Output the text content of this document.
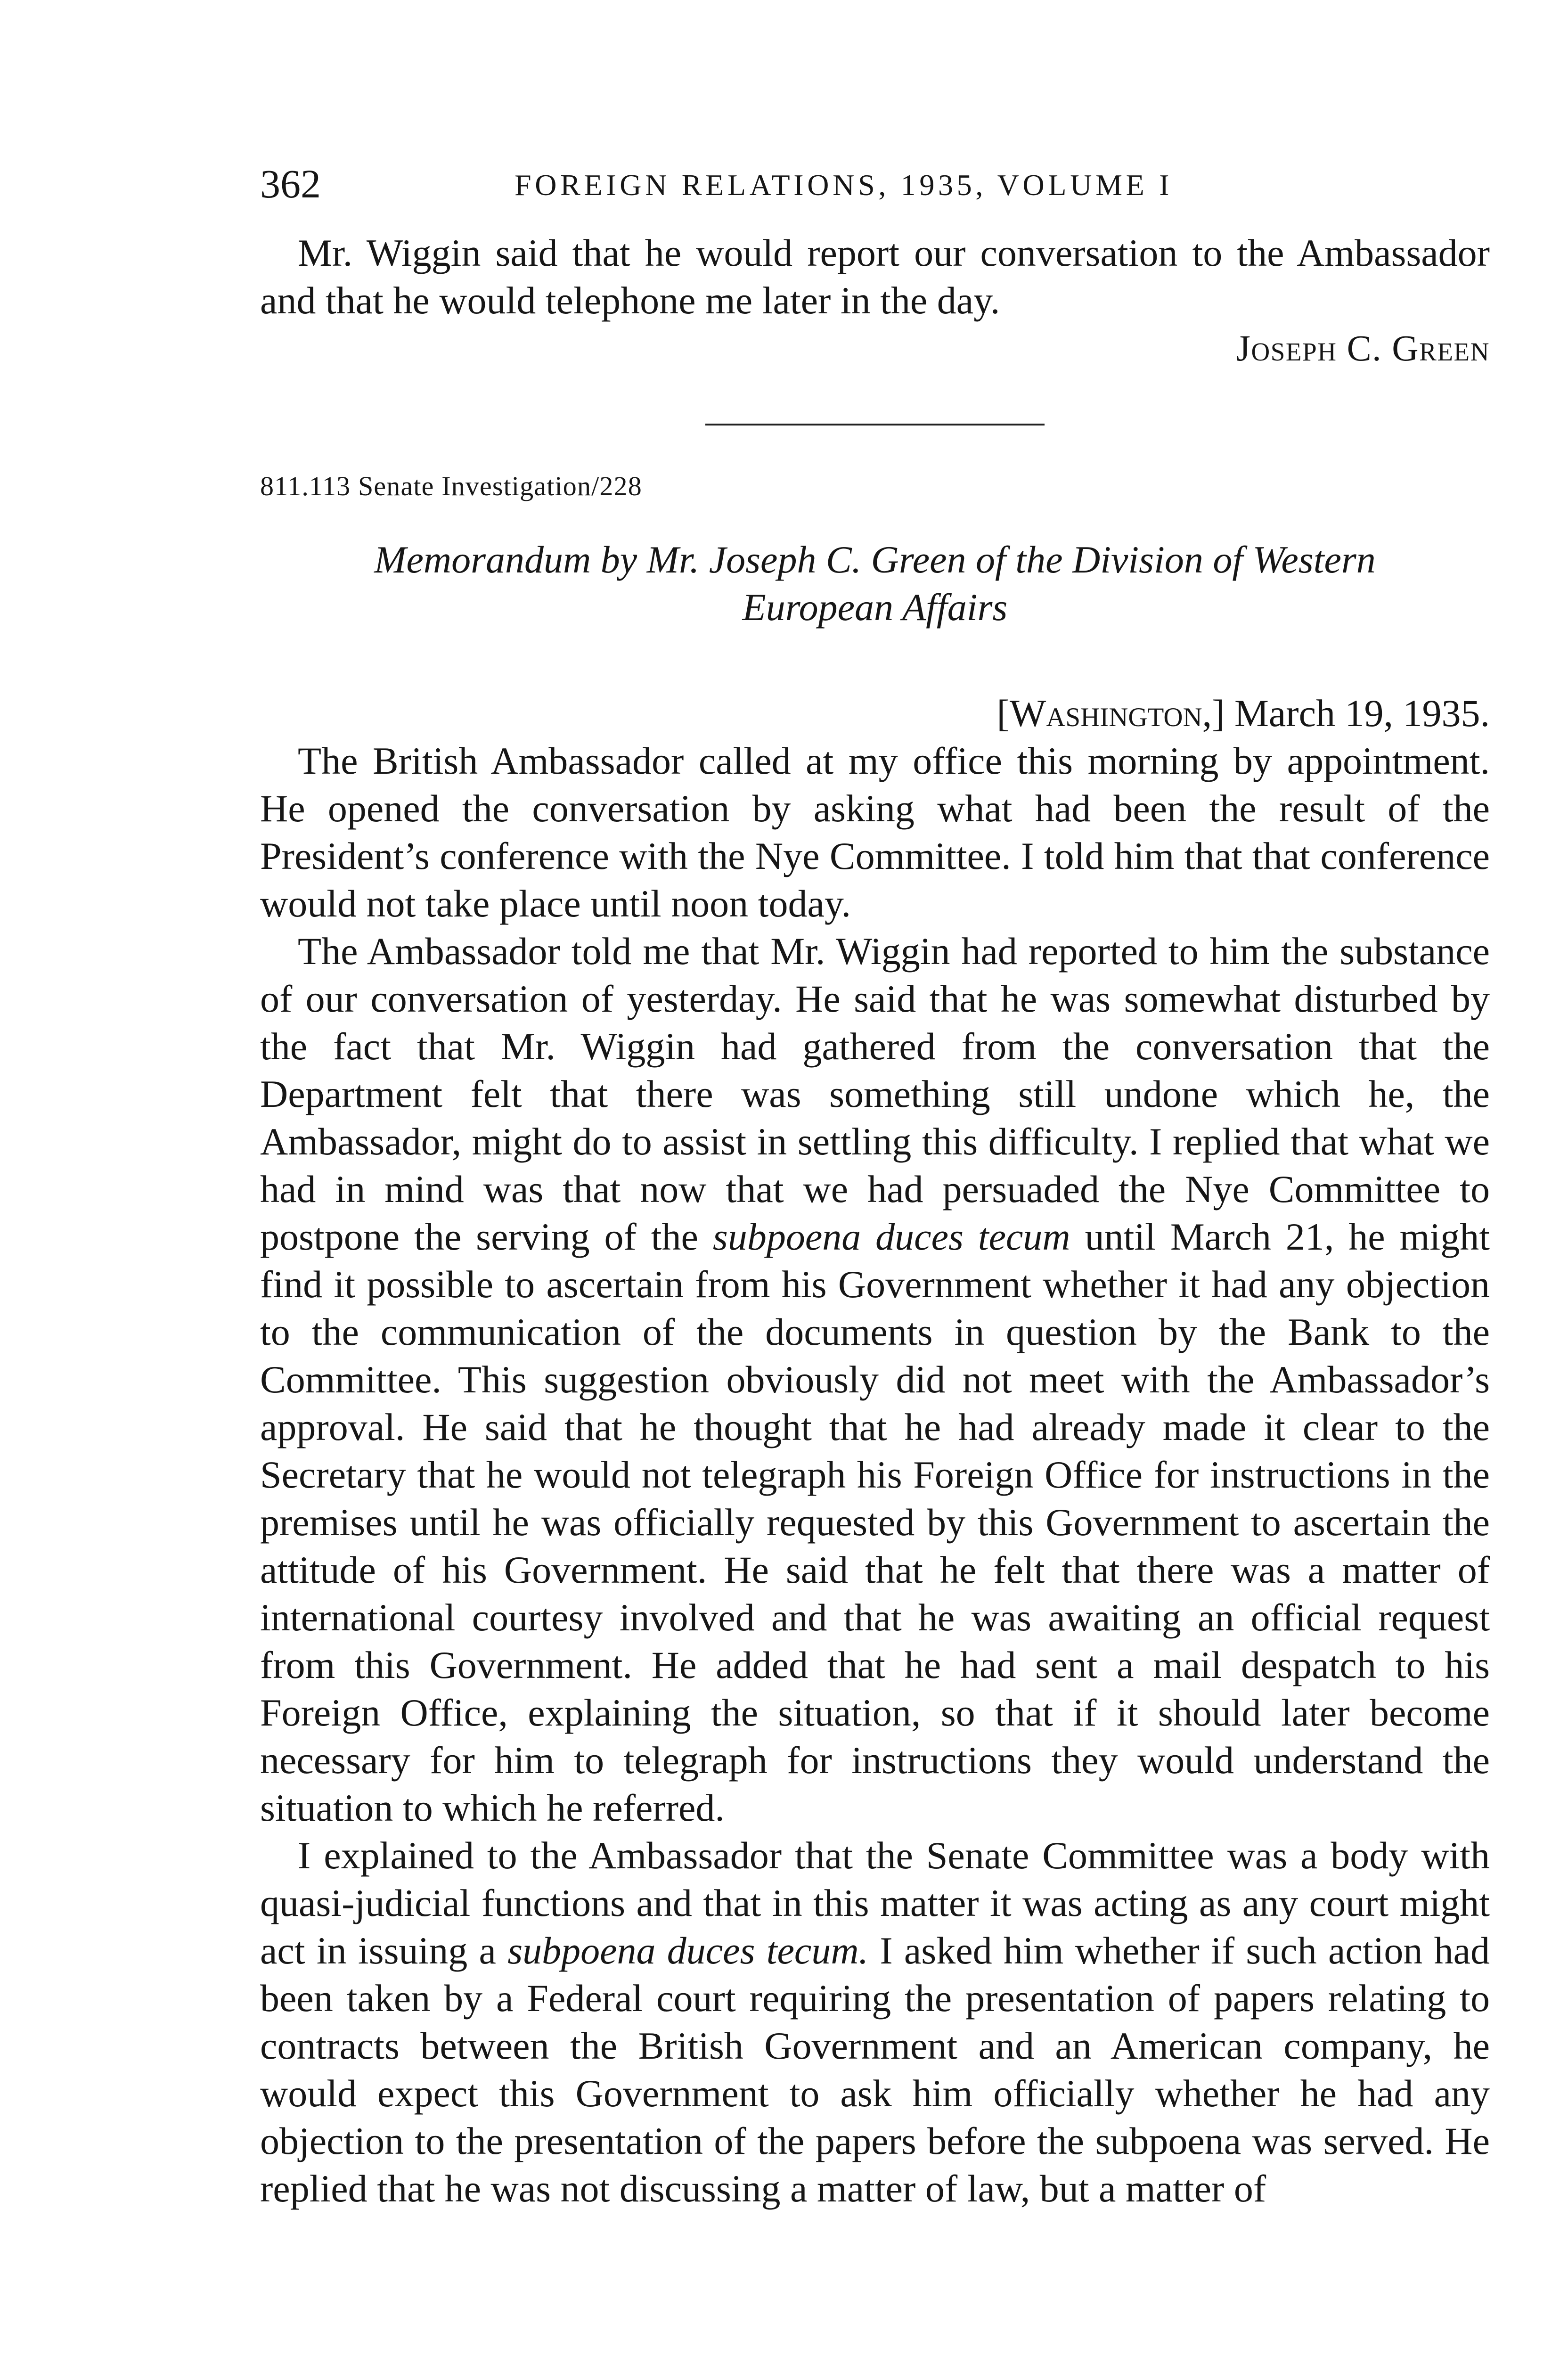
362	FOREIGN RELATIONS, 1935, VOLUME I

Mr. Wiggin said that he would report our conversation to the Ambassador and that he would telephone me later in the day.

Joseph C. Green

811.113 Senate Investigation/228

Memorandum by Mr. Joseph C. Green of the Division of Western
European Affairs

[Washington,] March 19, 1935.

The British Ambassador called at my office this morning by appointment. He opened the conversation by asking what had been the result of the President’s conference with the Nye Committee. I told him that that conference would not take place until noon today.

The Ambassador told me that Mr. Wiggin had reported to him the substance of our conversation of yesterday. He said that he was somewhat disturbed by the fact that Mr. Wiggin had gathered from the conversation that the Department felt that there was something still undone which he, the Ambassador, might do to assist in settling this difficulty. I replied that what we had in mind was that now that we had persuaded the Nye Committee to postpone the serving of the subpoena duces tecum until March 21, he might find it possible to ascertain from his Government whether it had any objection to the communication of the documents in question by the Bank to the Committee. This suggestion obviously did not meet with the Ambassador’s approval. He said that he thought that he had already made it clear to the Secretary that he would not telegraph his Foreign Office for instructions in the premises until he was officially requested by this Government to ascertain the attitude of his Government. He said that he felt that there was a matter of international courtesy involved and that he was awaiting an official request from this Government. He added that he had sent a mail despatch to his Foreign Office, explaining the situation, so that if it should later become necessary for him to telegraph for instructions they would understand the situation to which he referred.

I explained to the Ambassador that the Senate Committee was a body with quasi-judicial functions and that in this matter it was acting as any court might act in issuing a subpoena duces tecum. I asked him whether if such action had been taken by a Federal court requiring the presentation of papers relating to contracts between the British Government and an American company, he would expect this Government to ask him officially whether he had any objection to the presentation of the papers before the subpoena was served. He replied that he was not discussing a matter of law, but a matter of
